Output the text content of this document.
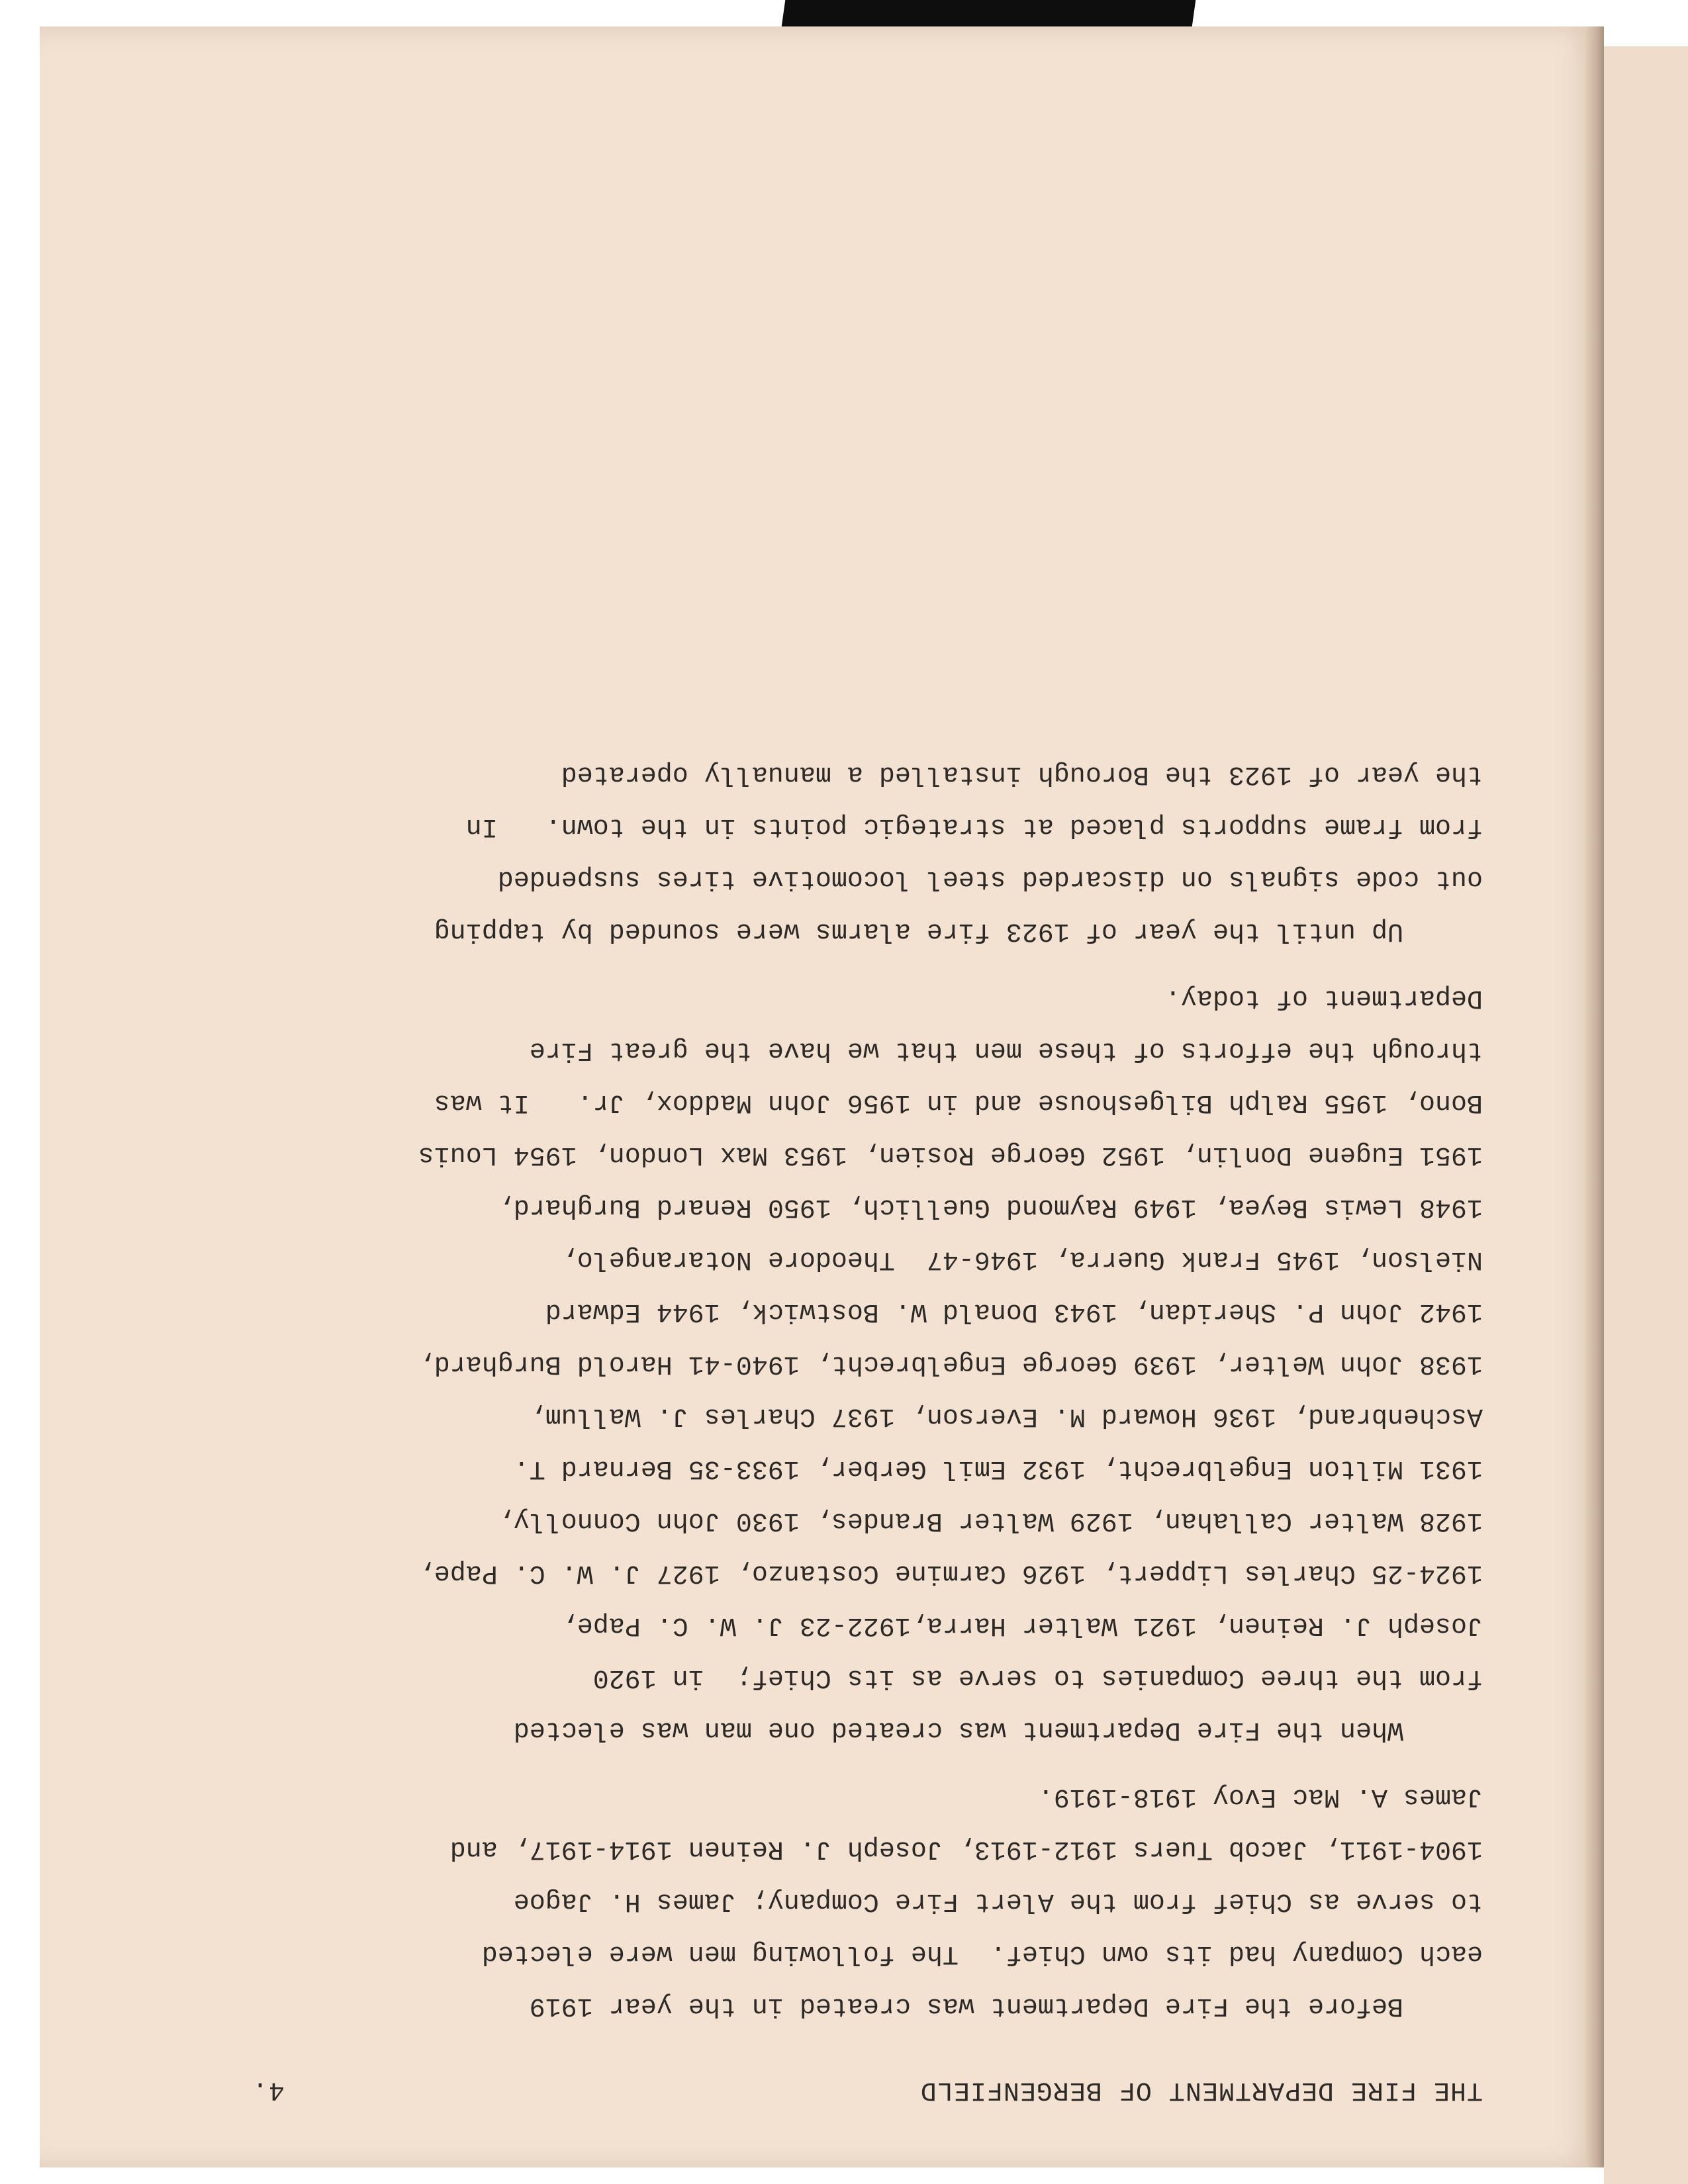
THE FIRE DEPARTMENT OF BERGENFIELD
4.
Before the Fire Department was created in the year 1919
each Company had its own Chief.  The following men were elected
to serve as Chief from the Alert Fire Company; James H. Jagoe
1904-1911, Jacob Tuers 1912-1913, Joseph J. Reinen 1914-1917, and
James A. Mac Evoy 1918-1919.
When the Fire Department was created one man was elected
from the three Companies to serve as its Chief;  in 1920
Joseph J. Reinen, 1921 Walter Harra,1922-23 J. W. C. Pape,
1924-25 Charles Lippert, 1926 Carmine Costanzo, 1927 J. W. C. Pape,
1928 Walter Callahan, 1929 Walter Brandes, 1930 John Connolly,
1931 Milton Engelbrecht, 1932 Emil Gerber, 1933-35 Bernard T.
Aschenbrand, 1936 Howard M. Everson, 1937 Charles J. Wallum,
1938 John Welter, 1939 George Engelbrecht, 1940-41 Harold Burghard,
1942 John P. Sheridan, 1943 Donald W. Bostwick, 1944 Edward
Nielson, 1945 Frank Guerra, 1946-47  Theodore Notarangelo,
1948 Lewis Beyea, 1949 Raymond Guellich, 1950 Renard Burghard,
1951 Eugene Donlin, 1952 George Rosien, 1953 Max London, 1954 Louis
Bono, 1955 Ralph Bilgeshouse and in 1956 John Maddox, Jr.   It was
through the efforts of these men that we have the great Fire
Department of today.
Up until the year of 1923 fire alarms were sounded by tapping
out code signals on discarded steel locomotive tires suspended
from frame supports placed at strategic points in the town.   In
the year of 1923 the Borough installed a manually operated
